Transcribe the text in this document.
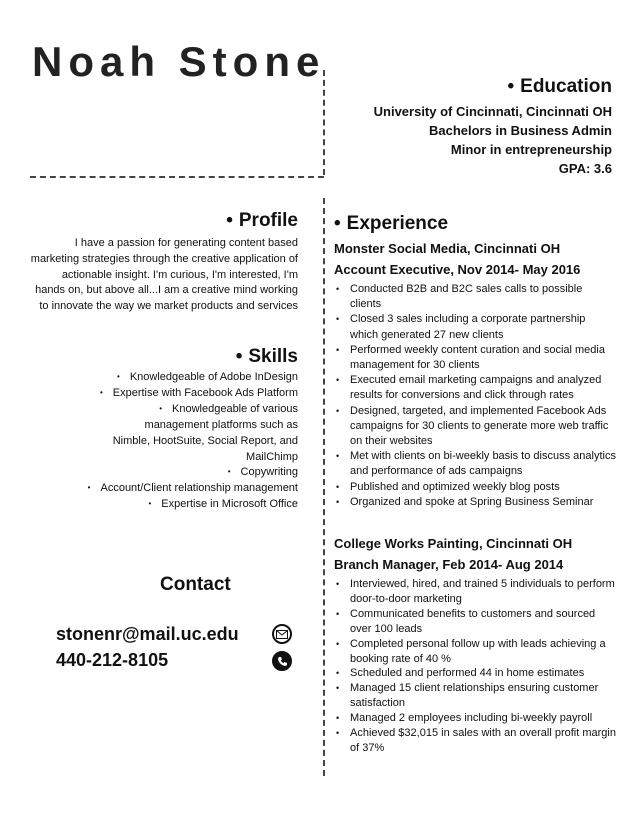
Noah Stone
• Education
University of Cincinnati, Cincinnati OH
Bachelors in Business Admin
Minor in entrepreneurship
GPA: 3.6
• Profile

I have a passion for generating content based marketing strategies through the creative application of actionable insight. I'm curious, I'm interested, I'm hands on, but above all...I am a creative mind working to innovate the way we market products and services

• Skills
• Knowledgeable of Adobe InDesign
• Expertise with Facebook Ads Platform
• Knowledgeable of various management platforms such as Nimble, HootSuite, Social Report, and MailChimp
• Copywriting
• Account/Client relationship management
• Expertise in Microsoft Office
Contact
stonenr@mail.uc.edu
440-212-8105
• Experience
Monster Social Media, Cincinnati OH
Account Executive, Nov 2014- May 2016
• Conducted B2B and B2C sales calls to possible clients
• Closed 3 sales including a corporate partnership which generated 27 new clients
• Performed weekly content curation and social media management for 30 clients
• Executed email marketing campaigns and analyzed results for conversions and click through rates
• Designed, targeted, and implemented Facebook Ads campaigns for 30 clients to generate more web traffic on their websites
• Met with clients on bi-weekly basis to discuss analytics and performance of ads campaigns
• Published and optimized weekly blog posts
• Organized and spoke at Spring Business Seminar
College Works Painting, Cincinnati OH
Branch Manager, Feb 2014- Aug 2014
• Interviewed, hired, and trained 5 individuals to perform door-to-door marketing
• Communicated benefits to customers and sourced over 100 leads
• Completed personal follow up with leads achieving a booking rate of 40 %
• Scheduled and performed 44 in home estimates
• Managed 15 client relationships ensuring customer satisfaction
• Managed 2 employees including bi-weekly payroll
• Achieved $32,015 in sales with an overall profit margin of 37%
